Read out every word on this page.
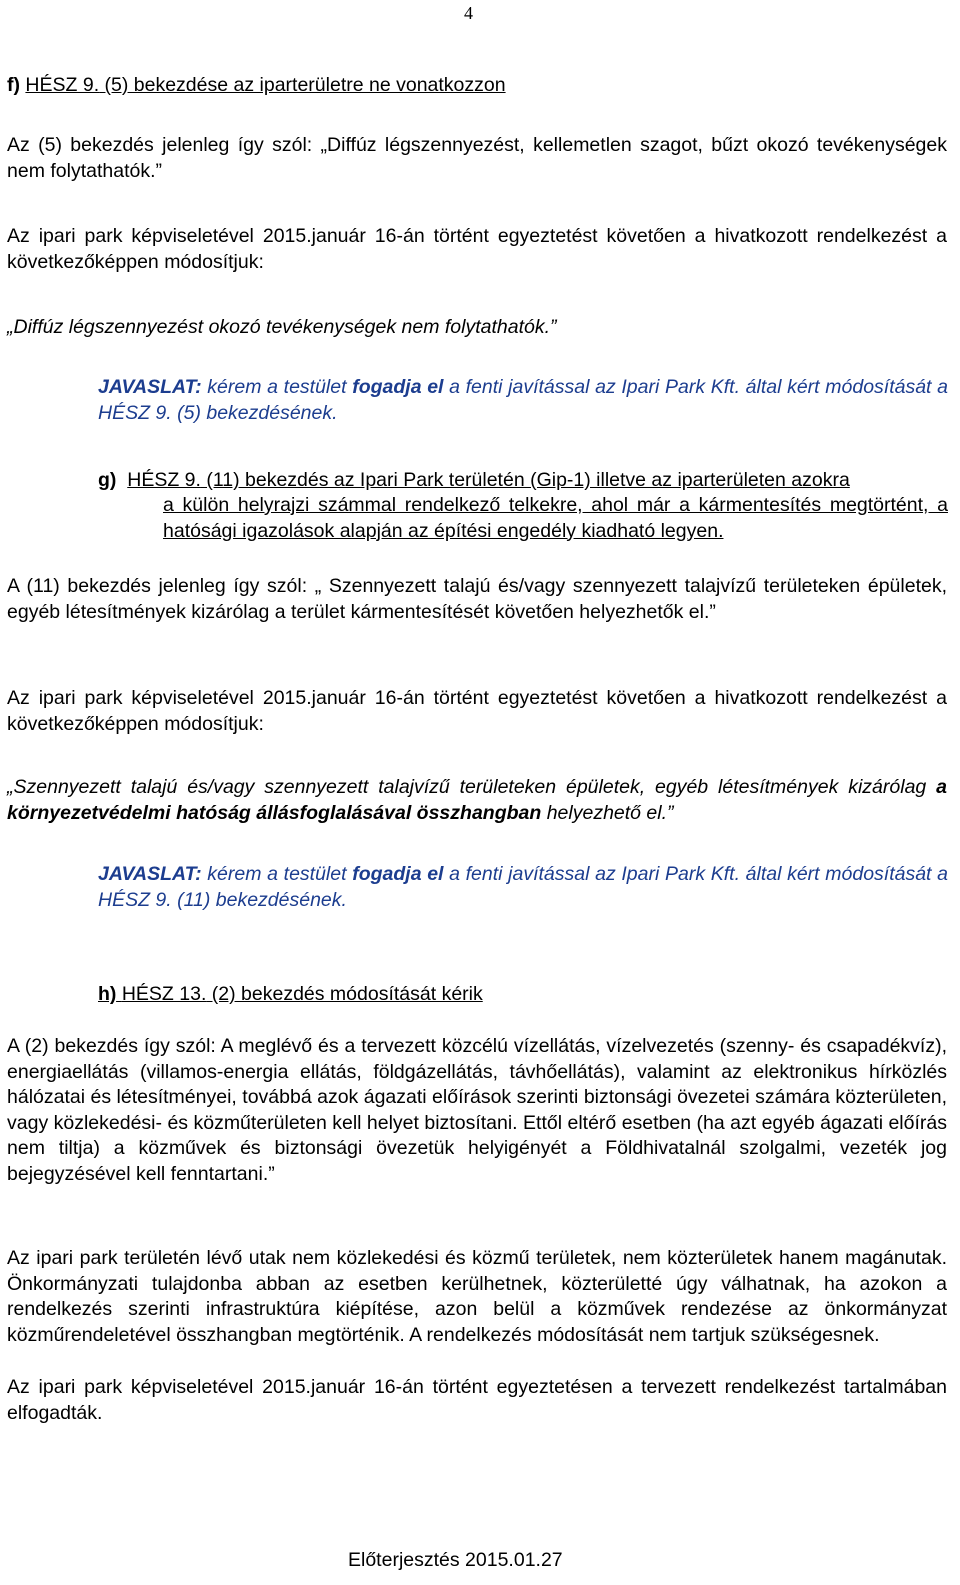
4
f) HÉSZ 9. (5) bekezdése az iparterületre ne vonatkozzon

Az (5) bekezdés jelenleg így szól: „Diffúz légszennyezést, kellemetlen szagot, bűzt okozó tevékenységek nem folytathatók.”

Az ipari park képviseletével 2015.január 16-án történt egyeztetést követően a hivatkozott rendelkezést a következőképpen módosítjuk:

„Diffúz légszennyezést okozó tevékenységek nem folytathatók.”

JAVASLAT: kérem a testület fogadja el a fenti javítással az Ipari Park Kft. által kért módosítását a HÉSZ 9. (5) bekezdésének.

g) HÉSZ 9. (11) bekezdés az Ipari Park területén (Gip-1) illetve az iparterületen azokra

a külön helyrajzi számmal rendelkező telkekre, ahol már a kármentesítés megtörtént, a hatósági igazolások alapján az építési engedély kiadható legyen.

A (11) bekezdés jelenleg így szól: „ Szennyezett talajú és/vagy szennyezett talajvízű területeken épületek, egyéb létesítmények kizárólag a terület kármentesítését követően helyezhetők el.”

Az ipari park képviseletével 2015.január 16-án történt egyeztetést követően a hivatkozott rendelkezést a következőképpen módosítjuk:

„Szennyezett talajú és/vagy szennyezett talajvízű területeken épületek, egyéb létesítmények kizárólag a környezetvédelmi hatóság állásfoglalásával összhangban helyezhető el.”

JAVASLAT: kérem a testület fogadja el a fenti javítással az Ipari Park Kft. által kért módosítását a HÉSZ 9. (11) bekezdésének.

h) HÉSZ 13. (2) bekezdés módosítását kérik

A (2) bekezdés így szól: A meglévő és a tervezett közcélú vízellátás, vízelvezetés (szenny- és csapadékvíz), energiaellátás (villamos-energia ellátás, földgázellátás, távhőellátás), valamint az elektronikus hírközlés hálózatai és létesítményei, továbbá azok ágazati előírások szerinti biztonsági övezetei számára közterületen, vagy közlekedési- és közműterületen kell helyet biztosítani. Ettől eltérő esetben (ha azt egyéb ágazati előírás nem tiltja) a közművek és biztonsági övezetük helyigényét a Földhivatalnál szolgalmi, vezeték jog bejegyzésével kell fenntartani.”

Az ipari park területén lévő utak nem közlekedési és közmű területek, nem közterületek hanem magánutak. Önkormányzati tulajdonba abban az esetben kerülhetnek, közterületté úgy válhatnak, ha azokon a rendelkezés szerinti infrastruktúra kiépítése, azon belül a közművek rendezése az önkormányzat közműrendeletével összhangban megtörténik. A rendelkezés módosítását nem tartjuk szükségesnek.

Az ipari park képviseletével 2015.január 16-án történt egyeztetésen a tervezett rendelkezést tartalmában elfogadták.

Előterjesztés 2015.01.27
